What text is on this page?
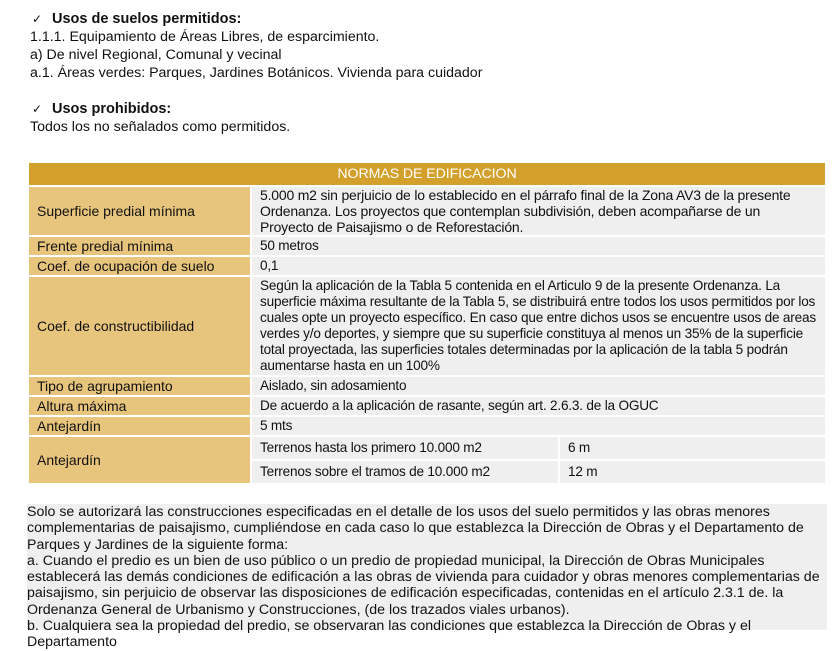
✓ Usos de suelos permitidos:

1.1.1. Equipamiento de Áreas Libres, de esparcimiento.

a) De nivel Regional, Comunal y vecinal

a.1. Áreas verdes: Parques, Jardines Botánicos. Vivienda para cuidador

✓ Usos prohibidos:

Todos los no señalados como permitidos.

NORMAS DE EDIFICACION		
Superficie predial mínima	5.000 m2 sin perjuicio de lo establecido en el párrafo final de la Zona AV3 de la presente Ordenanza. Los proyectos que contemplan subdivisión, deben acompañarse de un Proyecto de Paisajismo o de Reforestación.	
Frente predial mínima	50 metros	
Coef. de ocupación de suelo	0,1	
Coef. de constructibilidad	Según la aplicación de la Tabla 5 contenida en el Articulo 9 de la presente Ordenanza. La superficie máxima resultante de la Tabla 5, se distribuirá entre todos los usos permitidos por los cuales opte un proyecto específico. En caso que entre dichos usos se encuentre usos de areas verdes y/o deportes, y siempre que su superficie constituya al menos un 35% de la superficie total proyectada, las superficies totales determinadas por la aplicación de la tabla 5 podrán aumentarse hasta en un 100%	
Tipo de agrupamiento	Aislado, sin adosamiento	
Altura máxima	De acuerdo a la aplicación de rasante, según art. 2.6.3. de la OGUC	
Antejardín	5 mts	
Antejardín	Terrenos hasta los primero 10.000 m2	6 m
	Terrenos sobre el tramos de 10.000 m2	12 m

Solo se autorizará las construcciones especificadas en el detalle de los usos del suelo permitidos y las obras menores complementarias de paisajismo, cumpliéndose en cada caso lo que establezca la Dirección de Obras y el Departamento de Parques y Jardines de la siguiente forma:

a. Cuando el predio es un bien de uso público o un predio de propiedad municipal, la Dirección de Obras Municipales establecerá las demás condiciones de edificación a las obras de vivienda para cuidador y obras menores complementarias de paisajismo, sin perjuicio de observar las disposiciones de edificación especificadas, contenidas en el artículo 2.3.1 de. la Ordenanza General de Urbanismo y Construcciones, (de los trazados viales urbanos).

b. Cualquiera sea la propiedad del predio, se observaran las condiciones que establezca la Dirección de Obras y el Departamento
